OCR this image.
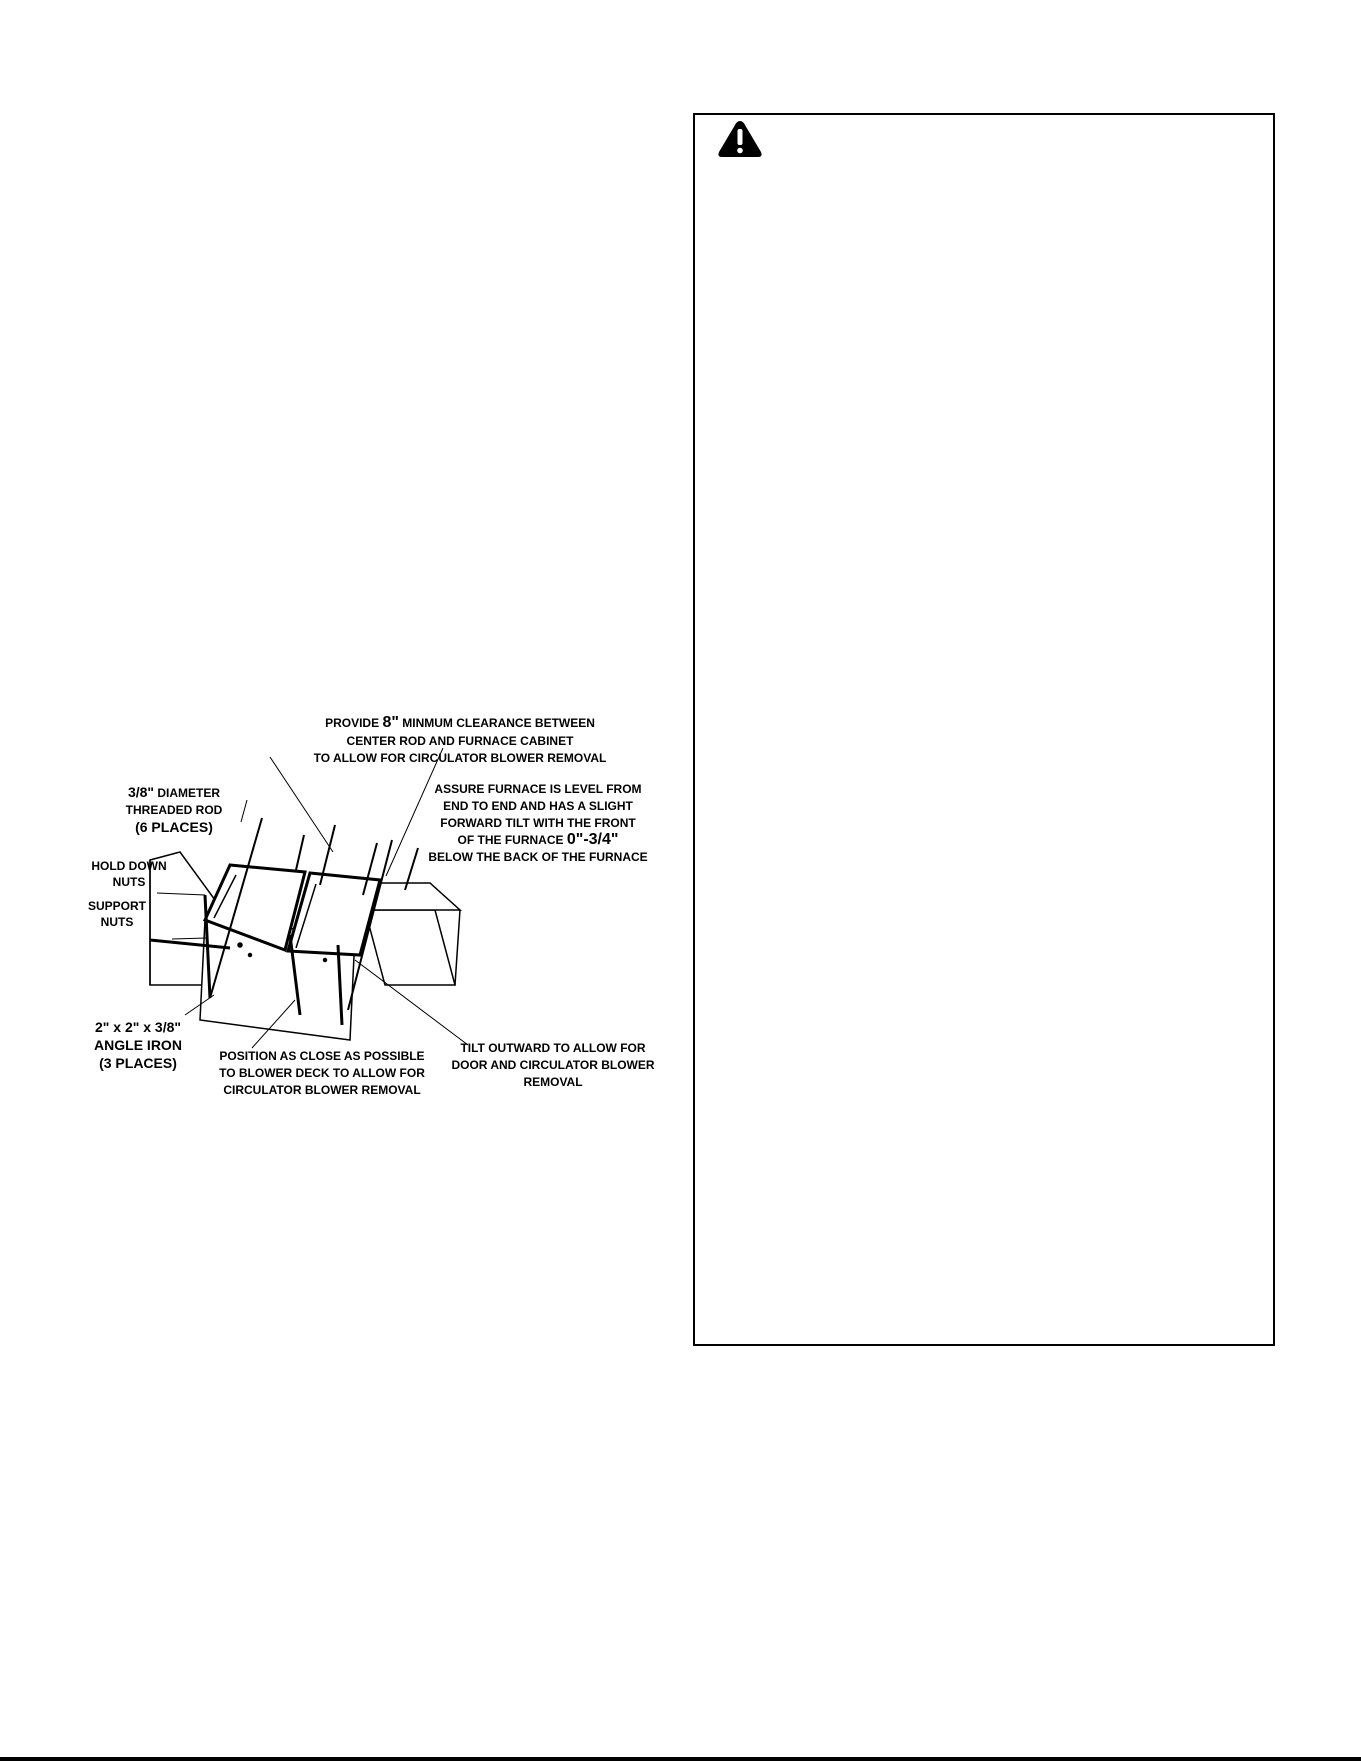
PROVIDE 8" MINMUM CLEARANCE BETWEEN
CENTER ROD AND FURNACE CABINET
TO ALLOW FOR CIRCULATOR BLOWER REMOVAL
3/8" DIAMETER
THREADED ROD
(6 PLACES)
ASSURE FURNACE IS LEVEL FROM
END TO END AND HAS A SLIGHT
FORWARD TILT WITH THE FRONT
OF THE FURNACE 0"-3/4"
BELOW THE BACK OF THE FURNACE
HOLD DOWN
NUTS
SUPPORT
NUTS
2" x 2" x 3/8"
ANGLE IRON
(3 PLACES)	POSITION AS CLOSE AS POSSIBLE
TO BLOWER DECK TO ALLOW FOR
CIRCULATOR BLOWER REMOVAL
TILT OUTWARD TO ALLOW FOR
DOOR AND CIRCULATOR BLOWER
REMOVAL
